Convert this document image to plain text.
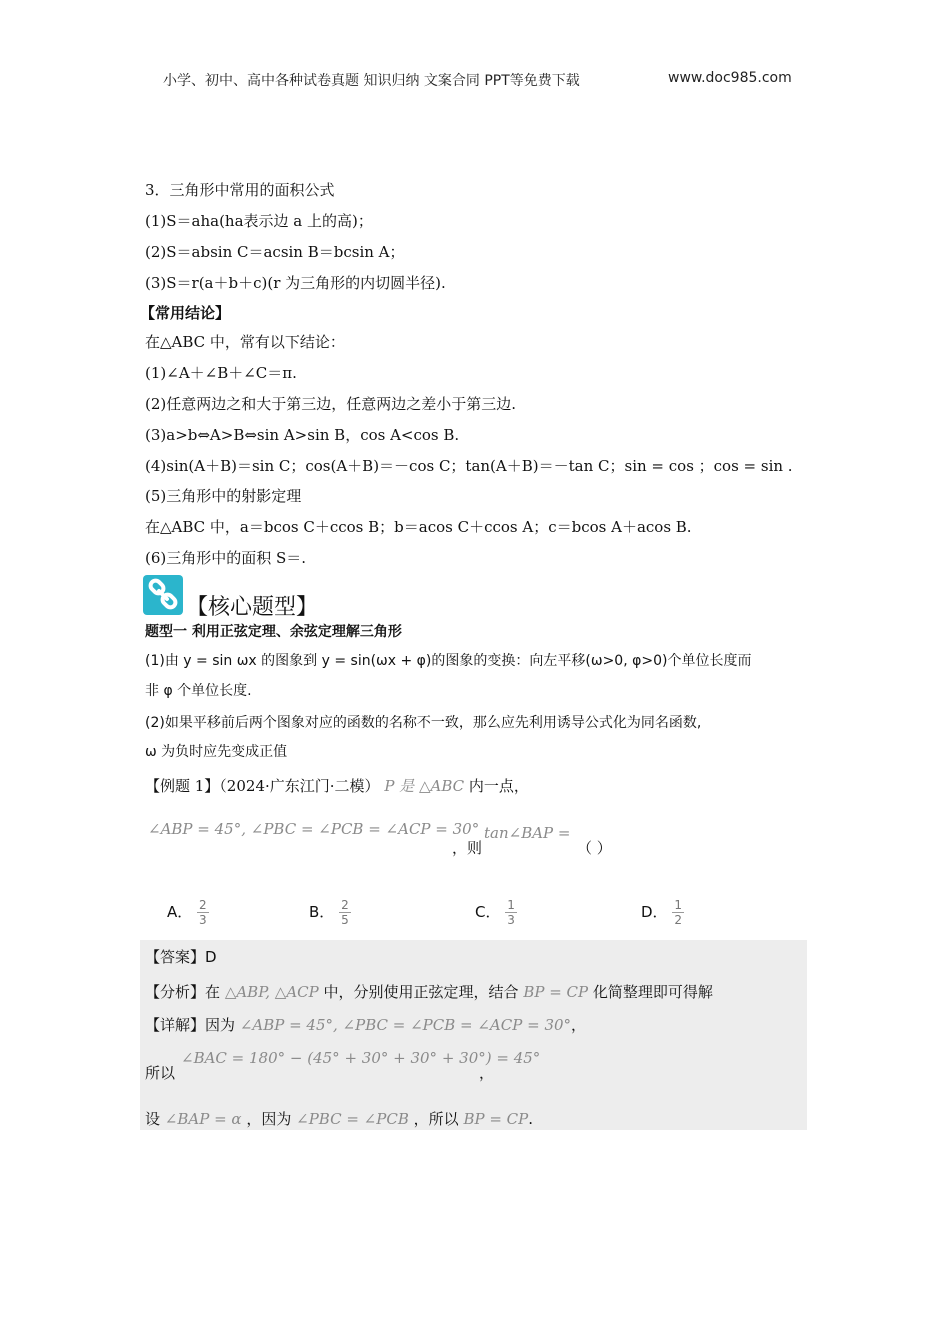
小学、初中、高中各种试卷真题 知识归纳 文案合同 PPT等免费下载	www.doc985.com
3．三角形中常用的面积公式
(1)S＝aha(ha表示边 a 上的高)；
(2)S＝absin C＝acsin B＝bcsin A；
(3)S＝r(a＋b＋c)(r 为三角形的内切圆半径).
【常用结论】
在△ABC 中，常有以下结论：
(1)∠A＋∠B＋∠C＝π.
(2)任意两边之和大于第三边，任意两边之差小于第三边.
(3)a>b⇔A>B⇔sin A>sin B，cos A<cos B.
(4)sin(A＋B)＝sin C；cos(A＋B)＝－cos C；tan(A＋B)＝－tan C；sin = cos ；cos = sin .
(5)三角形中的射影定理
在△ABC 中，a＝bcos C＋ccos B；b＝acos C＋ccos A；c＝bcos A＋acos B.
(6)三角形中的面积 S＝.
【核心题型】
题型一 利用正弦定理、余弦定理解三角形
(1)由 y = sin ωx 的图象到 y = sin(ωx + φ)的图象的变换：向左平移(ω>0, φ>0)个单位长度而
非 φ 个单位长度.
(2)如果平移前后两个图象对应的函数的名称不一致，那么应先利用诱导公式化为同名函数,
ω 为负时应先变成正值
【例题 1】（2024·广东江门·二模） P 是 △ABC 内一点，
∠ABP = 45°, ∠PBC = ∠PCB = ∠ACP = 30°
，则
tan∠BAP =
（ ）
A． $\frac{2}{3}$	B． $\frac{2}{5}$	C． $\frac{1}{3}$	D． $\frac{1}{2}$
【答案】D
【分析】在 △ABP, △ACP 中，分别使用正弦定理，结合 BP = CP 化简整理即可得解
【详解】因为 ∠ABP = 45°, ∠PBC = ∠PCB = ∠ACP = 30°，
所以
∠BAC = 180° − (45° + 30° + 30° + 30°) = 45°
，
设 ∠BAP = α ，因为 ∠PBC = ∠PCB ，所以 BP = CP.
